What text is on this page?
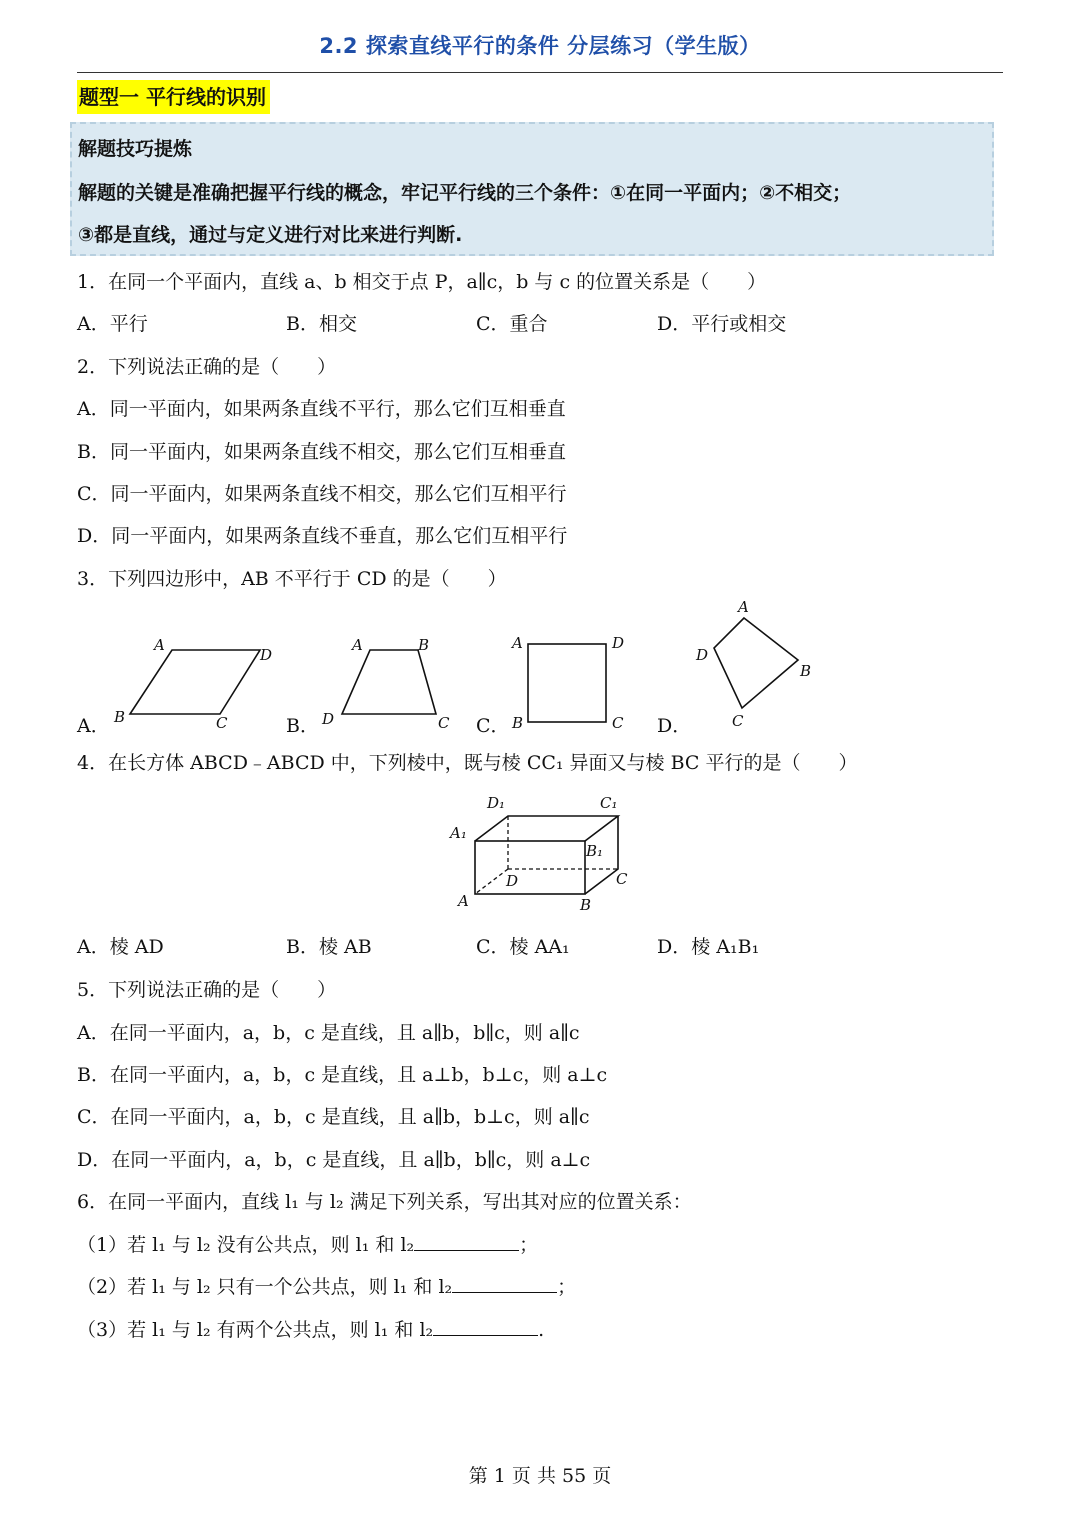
2.2 探索直线平行的条件 分层练习（学生版）
题型一 平行线的识别
解题技巧提炼
解题的关键是准确把握平行线的概念，牢记平行线的三个条件：①在同一平面内；②不相交；
③都是直线，通过与定义进行对比来进行判断.
1．在同一个平面内，直线 a、b 相交于点 P，a∥c，b 与 c 的位置关系是（　　）
A．平行	B．相交	C．重合	D．平行或相交
2．下列说法正确的是（　　）
A．同一平面内，如果两条直线不平行，那么它们互相垂直
B．同一平面内，如果两条直线不相交，那么它们互相垂直
C．同一平面内，如果两条直线不相交，那么它们互相平行
D．同一平面内，如果两条直线不垂直，那么它们互相平行
3．下列四边形中，AB 不平行于 CD 的是（　　）
A．
A
D
B	C	B．
A	B
C
D	C．
A	D
B	C D．
A
B
C
D
4．在长方体 ABCD﹣ABCD 中，下列棱中，既与棱 CC₁ 异面又与棱 BC 平行的是（　　）
D₁	C₁
A₁
B₁
D	C
A	B
A．棱 AD	B．棱 AB	C．棱 AA₁	D．棱 A₁B₁
5．下列说法正确的是（　　）
A．在同一平面内，a，b，c 是直线，且 a∥b，b∥c，则 a∥c
B．在同一平面内，a，b，c 是直线，且 a⊥b，b⊥c，则 a⊥c
C．在同一平面内，a，b，c 是直线，且 a∥b，b⊥c，则 a∥c
D．在同一平面内，a，b，c 是直线，且 a∥b，b∥c，则 a⊥c
6．在同一平面内，直线 l₁ 与 l₂ 满足下列关系，写出其对应的位置关系：
（1）若 l₁ 与 l₂ 没有公共点，则 l₁ 和 l₂	；
（2）若 l₁ 与 l₂ 只有一个公共点，则 l₁ 和 l₂	；
（3）若 l₁ 与 l₂ 有两个公共点，则 l₁ 和 l₂	.
第 1 页 共 55 页
